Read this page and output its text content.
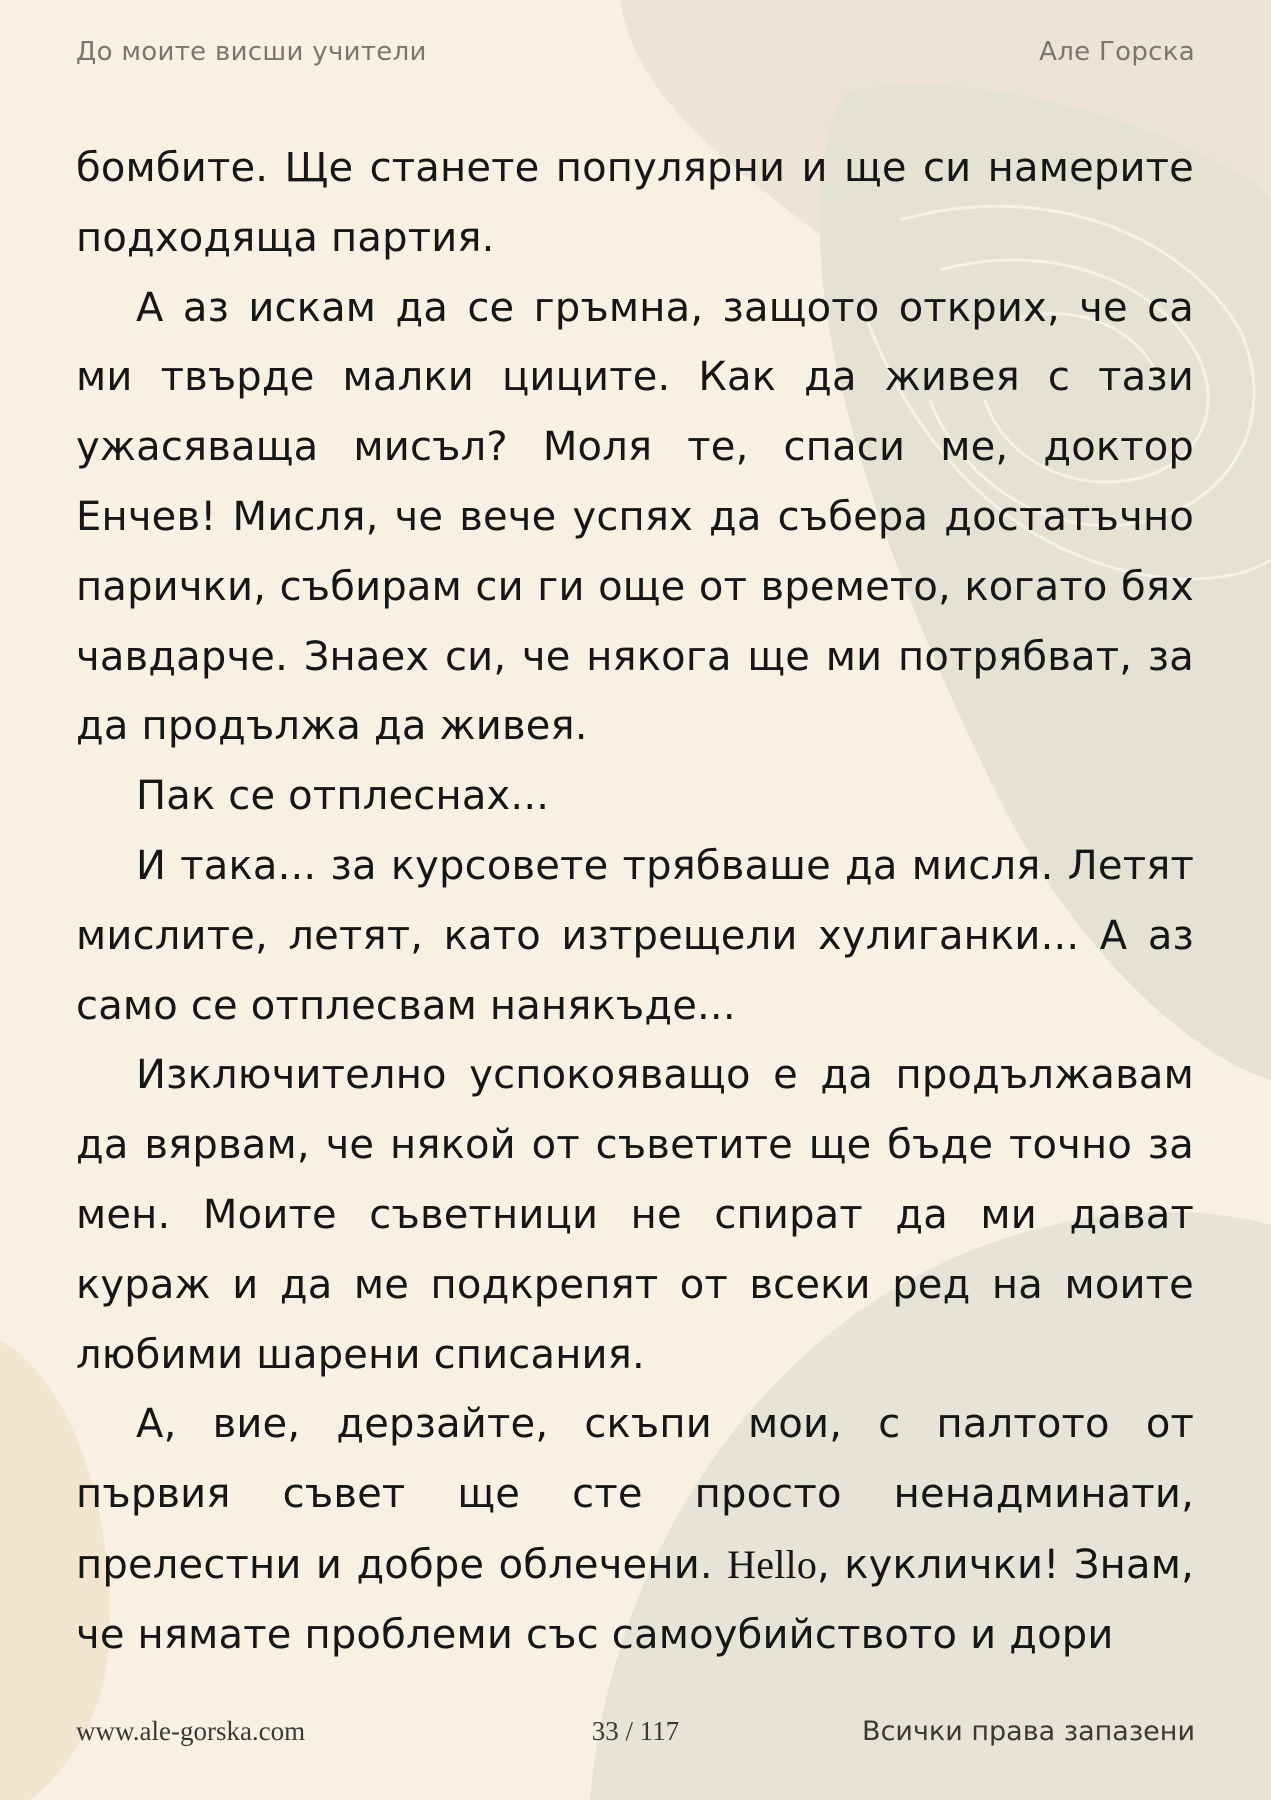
До моите висши учители	Але Горска

бомбите. Ще станете популярни и ще си намерите подходяща партия.

А аз искам да се гръмна, защото открих, че са ми твърде малки циците. Как да живея с тази ужасяваща мисъл? Моля те, спаси ме, доктор Енчев! Мисля, че вече успях да събера достатъчно парички, събирам си ги още от времето, когато бях чавдарче. Знаех си, че някога ще ми потрябват, за да продължа да живея.

Пак се отплеснах...

И така... за курсовете трябваше да мисля. Летят мислите, летят, като изтрещели хулиганки... А аз само се отплесвам нанякъде...

Изключително успокояващо е да продължавам да вярвам, че някой от съветите ще бъде точно за мен. Моите съветници не спират да ми дават кураж и да ме подкрепят от всеки ред на моите любими шарени списания.

А, вие, дерзайте, скъпи мои, с палтото от първия съвет ще сте просто ненадминати, прелестни и добре облечени. Hello, куклички! Знам, че нямате проблеми със самоубийството и дори

www.ale-gorska.com	33 / 117	Всички права запазени
